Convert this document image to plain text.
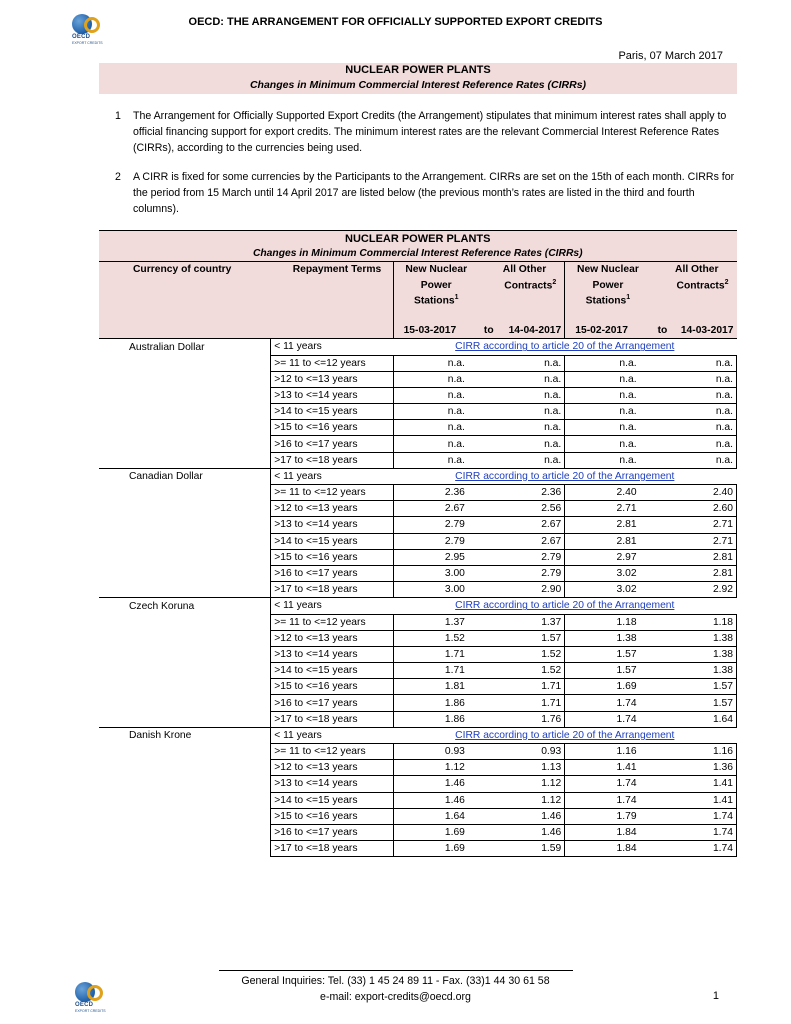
OECD
EXPORT CREDITS
OECD: THE ARRANGEMENT FOR OFFICIALLY SUPPORTED EXPORT CREDITS
Paris, 07 March 2017
NUCLEAR POWER PLANTS
Changes in Minimum Commercial Interest Reference Rates (CIRRs)
1 The Arrangement for Officially Supported Export Credits (the Arrangement) stipulates that minimum interest rates shall apply to official financing support for export credits. The minimum interest rates are the relevant Commercial Interest Reference Rates (CIRRs), according to the currencies being used.
2 A CIRR is fixed for some currencies by the Participants to the Arrangement. CIRRs are set on the 15th of each month. CIRRs for the period from 15 March until 14 April 2017 are listed below (the previous month’s rates are listed in the third and fourth columns).
NUCLEAR POWER PLANTS					
Changes in Minimum Commercial Interest Reference Rates (CIRRs)					
Currency of country	Repayment Terms	New Nuclear	All Other	New Nuclear	All Other
		Power	Contracts$^2$	Power	Contracts$^2$
		Stations$^1$		Stations$^1$	

		15-03-2017	to 14-04-2017	15-02-2017	to 14-03-2017
Australian Dollar	< 11 years	CIRR according to article 20 of the Arrangement			
	>= 11 to <=12 years	n.a.	n.a.	n.a.	n.a.
	>12 to <=13 years	n.a.	n.a.	n.a.	n.a.
	>13 to <=14 years	n.a.	n.a.	n.a.	n.a.
	>14 to <=15 years	n.a.	n.a.	n.a.	n.a.
	>15 to <=16 years	n.a.	n.a.	n.a.	n.a.
	>16 to <=17 years	n.a.	n.a.	n.a.	n.a.
	>17 to <=18 years	n.a.	n.a.	n.a.	n.a.
Canadian Dollar	< 11 years	CIRR according to article 20 of the Arrangement			
	>= 11 to <=12 years	2.36	2.36	2.40	2.40
	>12 to <=13 years	2.67	2.56	2.71	2.60
	>13 to <=14 years	2.79	2.67	2.81	2.71
	>14 to <=15 years	2.79	2.67	2.81	2.71
	>15 to <=16 years	2.95	2.79	2.97	2.81
	>16 to <=17 years	3.00	2.79	3.02	2.81
	>17 to <=18 years	3.00	2.90	3.02	2.92
Czech Koruna	< 11 years	CIRR according to article 20 of the Arrangement			
	>= 11 to <=12 years	1.37	1.37	1.18	1.18
	>12 to <=13 years	1.52	1.57	1.38	1.38
	>13 to <=14 years	1.71	1.52	1.57	1.38
	>14 to <=15 years	1.71	1.52	1.57	1.38
	>15 to <=16 years	1.81	1.71	1.69	1.57
	>16 to <=17 years	1.86	1.71	1.74	1.57
	>17 to <=18 years	1.86	1.76	1.74	1.64
Danish Krone	< 11 years	CIRR according to article 20 of the Arrangement			
	>= 11 to <=12 years	0.93	0.93	1.16	1.16
	>12 to <=13 years	1.12	1.13	1.41	1.36
	>13 to <=14 years	1.46	1.12	1.74	1.41
	>14 to <=15 years	1.46	1.12	1.74	1.41
	>15 to <=16 years	1.64	1.46	1.79	1.74
	>16 to <=17 years	1.69	1.46	1.84	1.74
	>17 to <=18 years	1.69	1.59	1.84	1.74
OECD
EXPORT CREDITS
General Inquiries: Tel. (33) 1 45 24 89 11 - Fax. (33)1 44 30 61 58
e-mail: export-credits@oecd.org	1
